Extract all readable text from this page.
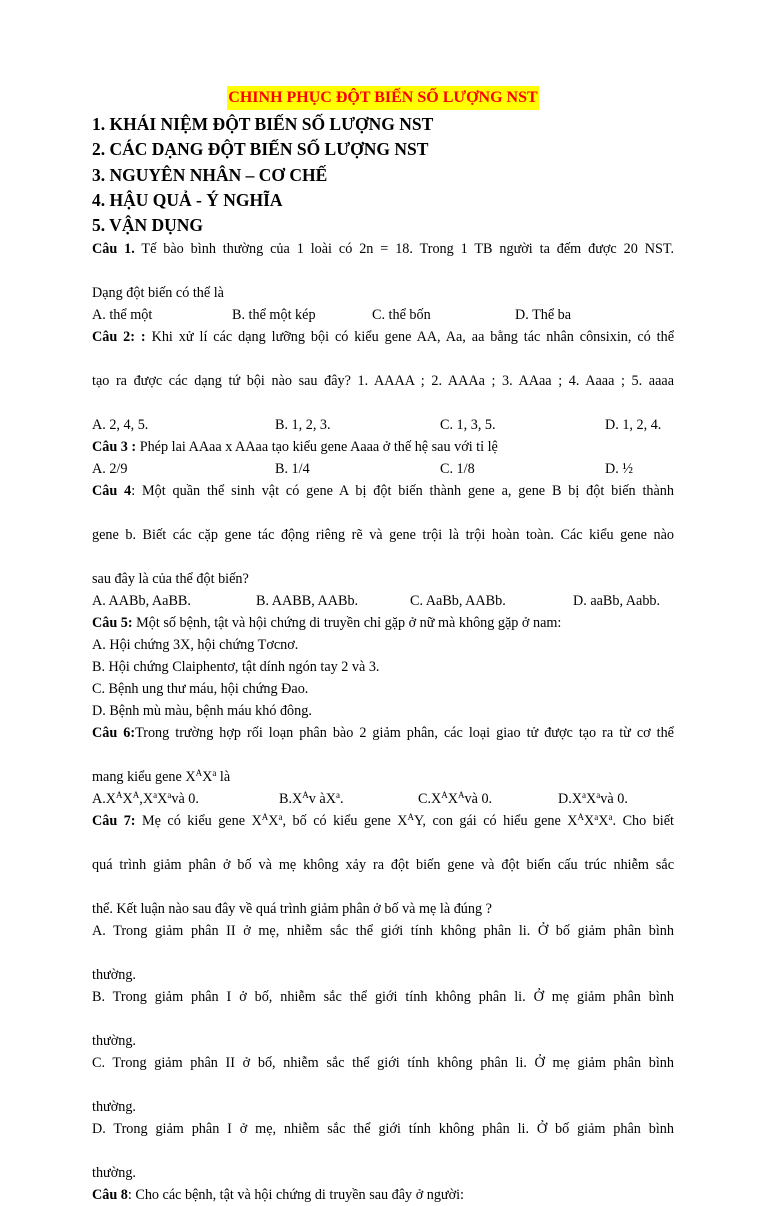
CHINH PHỤC ĐỘT BIẾN SỐ LƯỢNG NST
1. KHÁI NIỆM ĐỘT BIẾN SỐ LƯỢNG NST
2. CÁC DẠNG ĐỘT BIẾN SỐ LƯỢNG NST
3. NGUYÊN NHÂN – CƠ CHẾ
4. HẬU QUẢ - Ý NGHĨA
5. VẬN DỤNG
Câu 1. Tế bào bình thường của 1 loài có 2n = 18. Trong 1 TB người ta đếm được 20 NST.
Dạng đột biến có thể là
A. thể một	B. thể một kép	C. thể bốn	D. Thể ba
Câu 2: : Khi xử lí các dạng lưỡng bội có kiểu gene AA, Aa, aa bằng tác nhân cônsixin, có thể
tạo ra được các dạng tứ bội nào sau đây? 1. AAAA ; 2. AAAa ; 3. AAaa ; 4. Aaaa ; 5. aaaa
A. 2, 4, 5.	B. 1, 2, 3.	C. 1, 3, 5.	D. 1, 2, 4.
Câu 3 : Phép lai AAaa x AAaa tạo kiểu gene Aaaa ở thế hệ sau với tỉ lệ
A. 2/9	B. 1/4	C. 1/8	D. ½
Câu 4: Một quần thể sinh vật có gene A bị đột biến thành gene a, gene B bị đột biến thành
gene b. Biết các cặp gene tác động riêng rẽ và gene trội là trội hoàn toàn. Các kiểu gene nào
sau đây là của thể đột biến?
A. AABb, AaBB.	B. AABB, AABb.	C. AaBb, AABb.	D. aaBb, Aabb.
Câu 5: Một số bệnh, tật và hội chứng di truyền chỉ gặp ở nữ mà không gặp ở nam:
A. Hội chứng 3X, hội chứng Tơcnơ.
B. Hội chứng Claiphentơ, tật dính ngón tay 2 và 3.
C. Bệnh ung thư máu, hội chứng Đao.
D. Bệnh mù màu, bệnh máu khó đông.
Câu 6:Trong trường hợp rối loạn phân bào 2 giảm phân, các loại giao tử được tạo ra từ cơ thể
mang kiểu gene $X^AX^a$ là
$A.X^AX^A,X^aX^avà$ 0.	$B.X^Av$ $àX^a$.	$C.X^AX^Avà$ 0.	$D.X^aX^avà$ 0.
Câu 7: Mẹ có kiểu gene $X^AX^a$, bố có kiểu gene $X^AY$, con gái có hiểu gene $X^AX^aX^a$. Cho biết
quá trình giảm phân ở bố và mẹ không xảy ra đột biến gene và đột biến cấu trúc nhiễm sắc
thể. Kết luận nào sau đây về quá trình giảm phân ở bố và mẹ là đúng ?
A. Trong giảm phân II ở mẹ, nhiễm sắc thể giới tính không phân li. Ở bố giảm phân bình
thường.
B. Trong giảm phân I ở bố, nhiễm sắc thể giới tính không phân li. Ở mẹ giảm phân bình
thường.
C. Trong giảm phân II ở bố, nhiễm sắc thể giới tính không phân li. Ở mẹ giảm phân bình
thường.
D. Trong giảm phân I ở mẹ, nhiễm sắc thể giới tính không phân li. Ở bố giảm phân bình
thường.
Câu 8: Cho các bệnh, tật và hội chứng di truyền sau đây ở người:
